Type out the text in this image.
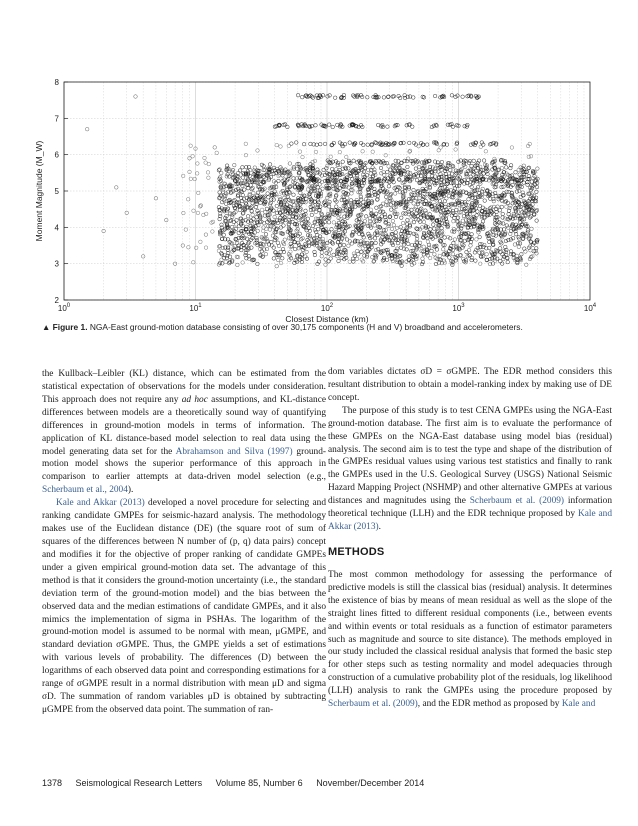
2
3
4
5
6
7
8
$10^0$	$10^1$	$10^2$	$10^3$	$10^4$
Closest Distance (km)
Moment Magnitude (M_W)

▲ Figure 1. NGA-East ground-motion database consisting of over 30,175 components (H and V) broadband and accelerometers.

the Kullback–Leibler (KL) distance, which can be estimated from the statistical expectation of observations for the models under consideration. This approach does not require any ad hoc assumptions, and KL-distance differences between models are a theoretically sound way of quantifying differences in ground-motion models in terms of information. The application of KL distance-based model selection to real data using the model generating data set for the Abrahamson and Silva (1997) ground-motion model shows the superior performance of this approach in comparison to earlier attempts at data-driven model selection (e.g., Scherbaum et al., 2004).

Kale and Akkar (2013) developed a novel procedure for selecting and ranking candidate GMPEs for seismic-hazard analysis. The methodology makes use of the Euclidean distance (DE) (the square root of sum of squares of the differences between N number of (p, q) data pairs) concept and modifies it for the objective of proper ranking of candidate GMPEs under a given empirical ground-motion data set. The advantage of this method is that it considers the ground-motion uncertainty (i.e., the standard deviation term of the ground-motion model) and the bias between the observed data and the median estimations of candidate GMPEs, and it also mimics the implementation of sigma in PSHAs. The logarithm of the ground-motion model is assumed to be normal with mean, μGMPE, and standard deviation σGMPE. Thus, the GMPE yields a set of estimations with various levels of probability. The differences (D) between the logarithms of each observed data point and corresponding estimations for a range of σGMPE result in a normal distribution with mean μD and sigma σD. The summation of random variables μD is obtained by subtracting μGMPE from the observed data point. The summation of ran-

dom variables dictates σD = σGMPE. The EDR method considers this resultant distribution to obtain a model-ranking index by making use of DE concept.

The purpose of this study is to test CENA GMPEs using the NGA-East ground-motion database. The first aim is to evaluate the performance of these GMPEs on the NGA-East database using model bias (residual) analysis. The second aim is to test the type and shape of the distribution of the GMPEs residual values using various test statistics and finally to rank the GMPEs used in the U.S. Geological Survey (USGS) National Seismic Hazard Mapping Project (NSHMP) and other alternative GMPEs at various distances and magnitudes using the Scherbaum et al. (2009) information theoretical technique (LLH) and the EDR technique proposed by Kale and Akkar (2013).

METHODS

The most common methodology for assessing the performance of predictive models is still the classical bias (residual) analysis. It determines the existence of bias by means of mean residual as well as the slope of the straight lines fitted to different residual components (i.e., between events and within events or total residuals as a function of estimator parameters such as magnitude and source to site distance). The methods employed in our study included the classical residual analysis that formed the basic step for other steps such as testing normality and model adequacies through construction of a cumulative probability plot of the residuals, log likelihood (LLH) analysis to rank the GMPEs using the procedure proposed by Scherbaum et al. (2009), and the EDR method as proposed by Kale and

1378 Seismological Research Letters Volume 85, Number 6 November/December 2014
